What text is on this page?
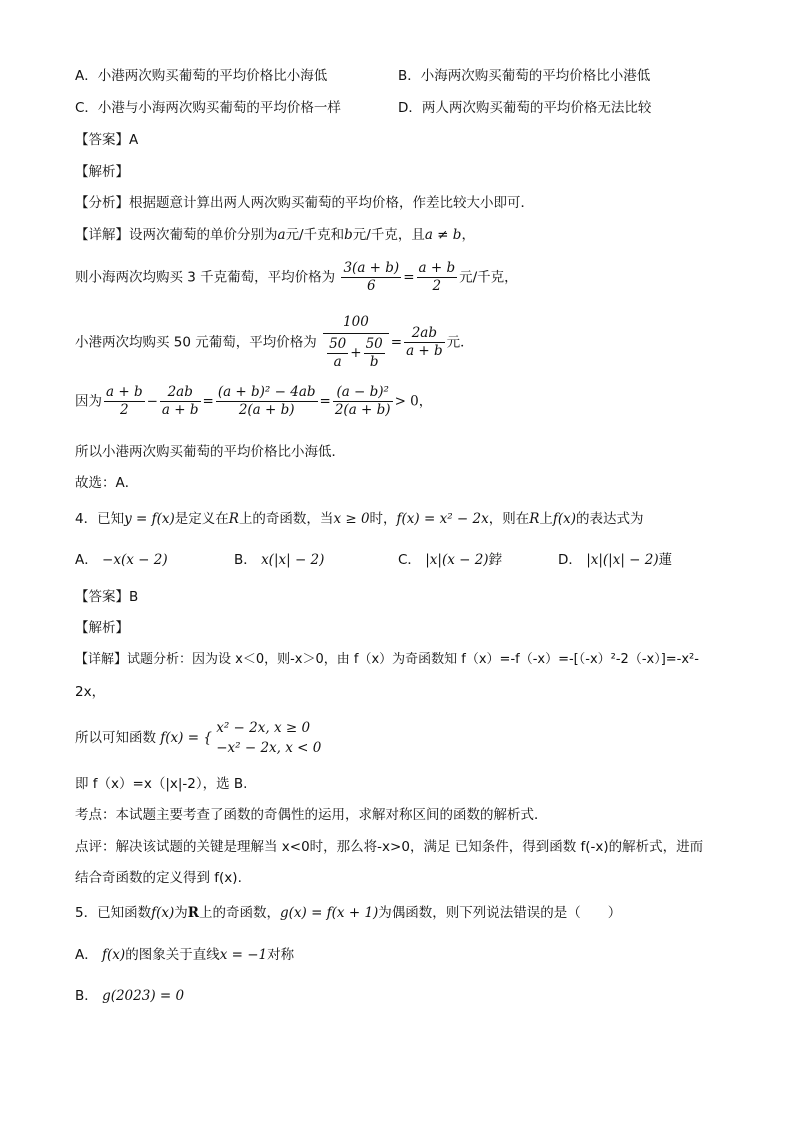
A．小港两次购买葡萄的平均价格比小海低	B．小海两次购买葡萄的平均价格比小港低
C．小港与小海两次购买葡萄的平均价格一样	D．两人两次购买葡萄的平均价格无法比较
【答案】A
【解析】
【分析】根据题意计算出两人两次购买葡萄的平均价格，作差比较大小即可．
【详解】设两次葡萄的单价分别为a元/千克和b元/千克，且a ≠ b，
则小海两次均购买 3 千克葡萄，平均价格为 $\frac{3(a + b)}{6} = \frac{a + b}{2}$ 元/千克，
小港两次均购买 50 元葡萄，平均价格为 $\frac{100}{\frac{50}{a} + \frac{50}{b}} = \frac{2ab}{a + b}$ 元．
因为 $\frac{a + b}{2} - \frac{2ab}{a + b} = \frac{\text{(a + b)² − 4ab}}{2(a + b)} = \frac{\text{(a − b)²}}{2(a + b)} > 0$，
所以小港两次购买葡萄的平均价格比小海低．
故选：A．
4．已知y = f(x)是定义在R上的奇函数，当x ≥ 0时，f(x) = x² − 2x，则在R上f(x)的表达式为
A． −x(x − 2)	B． x(|x| − 2)	C． |x|(x − 2)鋍	D． |x|(|x| − 2)蓮
【答案】B
【解析】
【详解】试题分析：因为设 x＜0，则-x＞0，由 f（x）为奇函数知 f（x）=-f（-x）=-[（-x）²-2（-x）]=-x²-
2x，
所以可知函数 f(x) = {
x² − 2x, x ≥ 0
−x² − 2x, x < 0
即 f（x）=x（|x|-2），选 B.
考点：本试题主要考查了函数的奇偶性的运用，求解对称区间的函数的解析式．
点评：解决该试题的关键是理解当 x<0时，那么将-x>0，满足 已知条件，得到函数 f(-x)的解析式，进而
结合奇函数的定义得到 f(x).
5．已知函数f(x)为R上的奇函数，g(x) = f(x + 1)为偶函数，则下列说法错误的是（　　）
A． f(x)的图象关于直线x = −1对称
B． g(2023) = 0
